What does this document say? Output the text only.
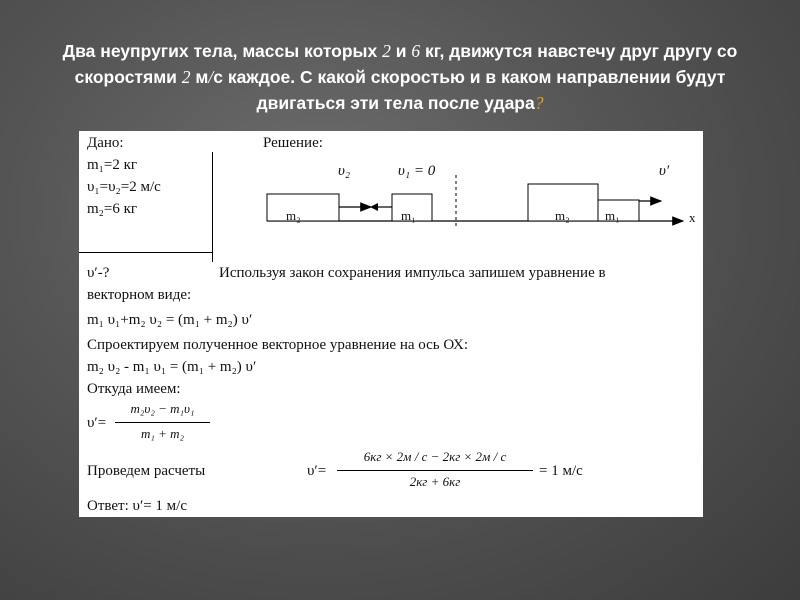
Два неупругих тела, массы которых 2 и 6 кг, движутся навстечу друг другу со скоростями 2 м/с каждое. С какой скоростью и в каком направлении будут двигаться эти тела после удара?
Дано:
m₁=2 кг
υ₁=υ₂=2 м/с
m₂=6 кг
υ′-?
Решение:
m₂	m₁	m₂	m₁
υ₂	υ₁ = 0	υ′
x
Используя закон сохранения импульса запишем уравнение в
векторном виде:
m₁ υ₁+m₂ υ₂ = (m₁ + m₂) υ′
Спроектируем полученное векторное уравнение на ось ОХ:
m₂ υ₂ - m₁ υ₁ = (m₁ + m₂) υ′
Откуда имеем:
υ′=
m₂υ₂ − m₁υ₁
m₁ + m₂
Проведем расчеты	υ′=
6кг × 2м / с − 2кг × 2м / с
2кг + 6кг
= 1 м/с
Ответ: υ′= 1 м/с
